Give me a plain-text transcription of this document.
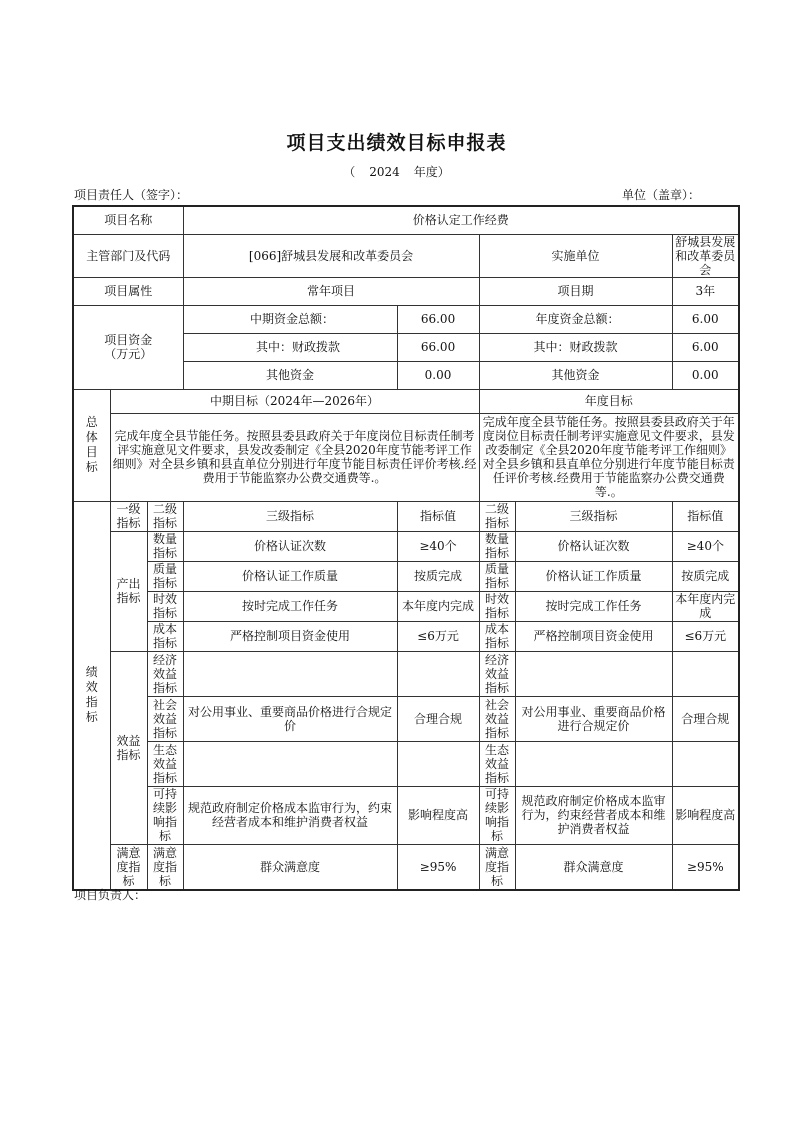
项目支出绩效目标申报表
（ 2024 年度）
项目责任人（签字）：	单位（盖章）：
项目名称			价格认定工作经费				
主管部门及代码			[066]舒城县发展和改革委员会		实施单位		舒城县发展和改革委员会
项目属性			常年项目		项目期		3年
项目资金（万元）			中期资金总额：	66.00	年度资金总额：		6.00
			其中：财政拨款	66.00	其中：财政拨款		6.00
			其他资金	0.00	其他资金		0.00

总体目标	中期目标（2024年—2026年）				年度目标		
	完成年度全县节能任务。按照县委县政府关于年度岗位目标责任制考评实施意见文件要求，县发改委制定《全县2020年度节能考评工作细则》对全县乡镇和县直单位分别进行年度节能目标责任评价考核.经费用于节能监察办公费交通费等.。				完成年度全县节能任务。按照县委县政府关于年度岗位目标责任制考评实施意见文件要求，县发改委制定《全县2020年度节能考评工作细则》对全县乡镇和县直单位分别进行年度节能目标责任评价考核.经费用于节能监察办公费交通费等.。		

绩效指标	一级指标	二级指标	三级指标	指标值	二级指标	三级指标	指标值
	产出指标	数量指标	价格认证次数	≥40个	数量指标	价格认证次数	≥40个
		质量指标	价格认证工作质量	按质完成	质量指标	价格认证工作质量	按质完成
		时效指标	按时完成工作任务	本年度内完成	时效指标	按时完成工作任务	本年度内完成
		成本指标	严格控制项目资金使用	≤6万元	成本指标	严格控制项目资金使用	≤6万元
	效益指标	经济效益指标			经济效益指标		
		社会效益指标	对公用事业、重要商品价格进行合规定价	合理合规	社会效益指标	对公用事业、重要商品价格进行合规定价	合理合规
		生态效益指标			生态效益指标		
		可持续影响指标	规范政府制定价格成本监审行为，约束经营者成本和维护消费者权益	影响程度高	可持续影响指标	规范政府制定价格成本监审行为，约束经营者成本和维护消费者权益	影响程度高
	满意度指标	满意度指标	群众满意度	≥95%	满意度指标	群众满意度	≥95%
项目负责人：
